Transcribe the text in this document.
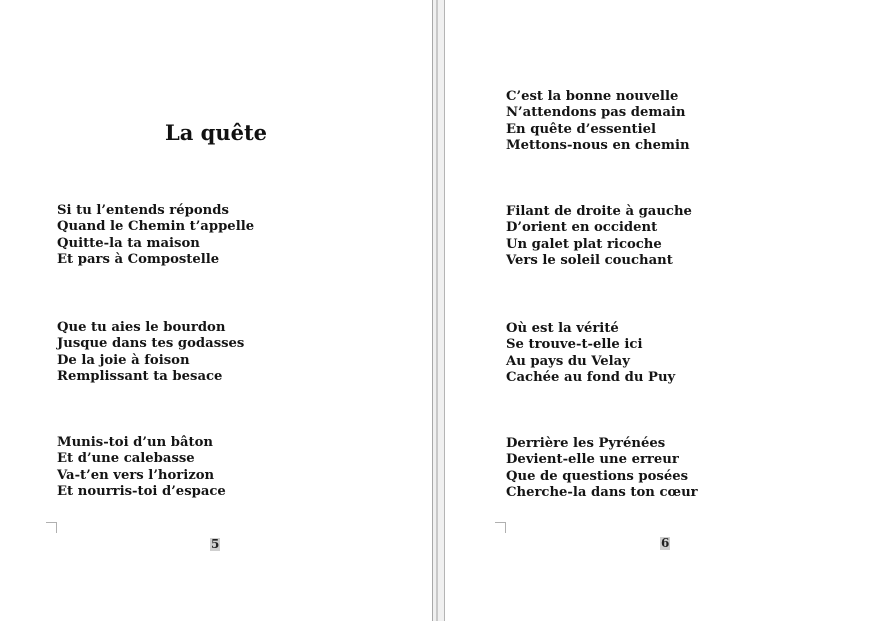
La quête
Si tu l’entends réponds
Quand le Chemin t’appelle
Quitte-la ta maison
Et pars à Compostelle
Que tu aies le bourdon
Jusque dans tes godasses
De la joie à foison
Remplissant ta besace
Munis-toi d’un bâton
Et d’une calebasse
Va-t’en vers l’horizon
Et nourris-toi d’espace
5
C’est la bonne nouvelle
N’attendons pas demain
En quête d’essentiel
Mettons-nous en chemin
Filant de droite à gauche
D’orient en occident
Un galet plat ricoche
Vers le soleil couchant
Où est la vérité
Se trouve-t-elle ici
Au pays du Velay
Cachée au fond du Puy
Derrière les Pyrénées
Devient-elle une erreur
Que de questions posées
Cherche-la dans ton cœur
6
